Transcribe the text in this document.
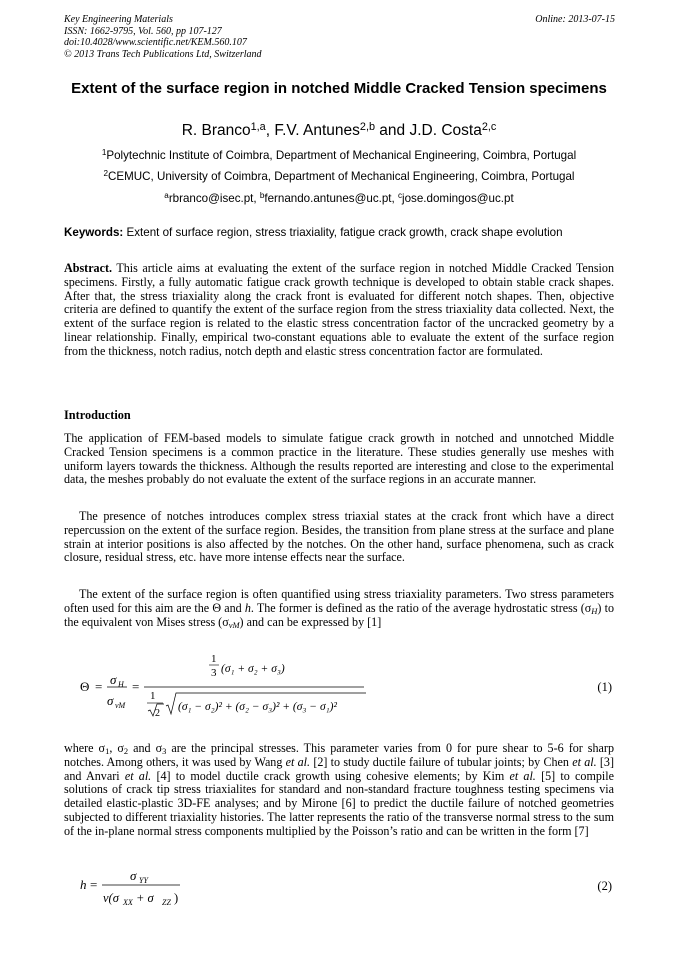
Key Engineering Materials
ISSN: 1662-9795, Vol. 560, pp 107-127
doi:10.4028/www.scientific.net/KEM.560.107
© 2013 Trans Tech Publications Ltd, Switzerland
Online: 2013-07-15
Extent of the surface region in notched Middle Cracked Tension specimens
R. Branco$^{1,a}$, F.V. Antunes$^{2,b}$ and J.D. Costa$^{2,c}$
$^1$Polytechnic Institute of Coimbra, Department of Mechanical Engineering, Coimbra, Portugal
$^2$CEMUC, University of Coimbra, Department of Mechanical Engineering, Coimbra, Portugal
$^a$rbranco@isec.pt, $^b$fernando.antunes@uc.pt, $^c$jose.domingos@uc.pt
Keywords: Extent of surface region, stress triaxiality, fatigue crack growth, crack shape evolution
Abstract. This article aims at evaluating the extent of the surface region in notched Middle Cracked Tension specimens. Firstly, a fully automatic fatigue crack growth technique is developed to obtain stable crack shapes. After that, the stress triaxiality along the crack front is evaluated for different notch shapes. Then, objective criteria are defined to quantify the extent of the surface region from the stress triaxiality data collected. Next, the extent of the surface region is related to the elastic stress concentration factor of the uncracked geometry by a linear relationship. Finally, empirical two-constant equations able to evaluate the extent of the surface region from the thickness, notch radius, notch depth and elastic stress concentration factor are formulated.
Introduction
The application of FEM-based models to simulate fatigue crack growth in notched and unnotched Middle Cracked Tension specimens is a common practice in the literature. These studies generally use meshes with uniform layers towards the thickness. Although the results reported are interesting and close to the experimental data, the meshes probably do not evaluate the extent of the surface regions in an accurate manner.
The presence of notches introduces complex stress triaxial states at the crack front which have a direct repercussion on the extent of the surface region. Besides, the transition from plane stress at the surface and plane strain at interior positions is also affected by the notches. On the other hand, surface phenomena, such as crack closure, residual stress, etc. have more intense effects near the surface.
The extent of the surface region is often quantified using stress triaxiality parameters. Two stress parameters often used for this aim are the Θ and h. The former is defined as the ratio of the average hydrostatic stress $(\sigma_H)$ to the equivalent von Mises stress $(\sigma_{vM})$ and can be expressed by [1]
Θ = σ H
σ vM
=
1
3 (σ₁ + σ₂ + σ₃)
1
2
(σ₁ − σ₂)² + (σ₂ − σ₃)² + (σ₃ − σ₁)²
(1)
where $\sigma_1$, $\sigma_2$ and $\sigma_3$ are the principal stresses. This parameter varies from 0 for pure shear to 5-6 for sharp notches. Among others, it was used by Wang et al. [2] to study ductile failure of tubular joints; by Chen et al. [3] and Anvari et al. [4] to model ductile crack growth using cohesive elements; by Kim et al. [5] to compile solutions of crack tip stress triaxialites for standard and non-standard fracture toughness testing specimens via detailed elastic-plastic 3D-FE analyses; and by Mirone [6] to predict the ductile failure of notched geometries subjected to different triaxiality histories. The latter represents the ratio of the transverse normal stress to the sum of the in-plane normal stress components multiplied by the Poisson’s ratio and can be written in the form [7]
h =
σ YY
ν(σ XX + σ ZZ )
(2)
